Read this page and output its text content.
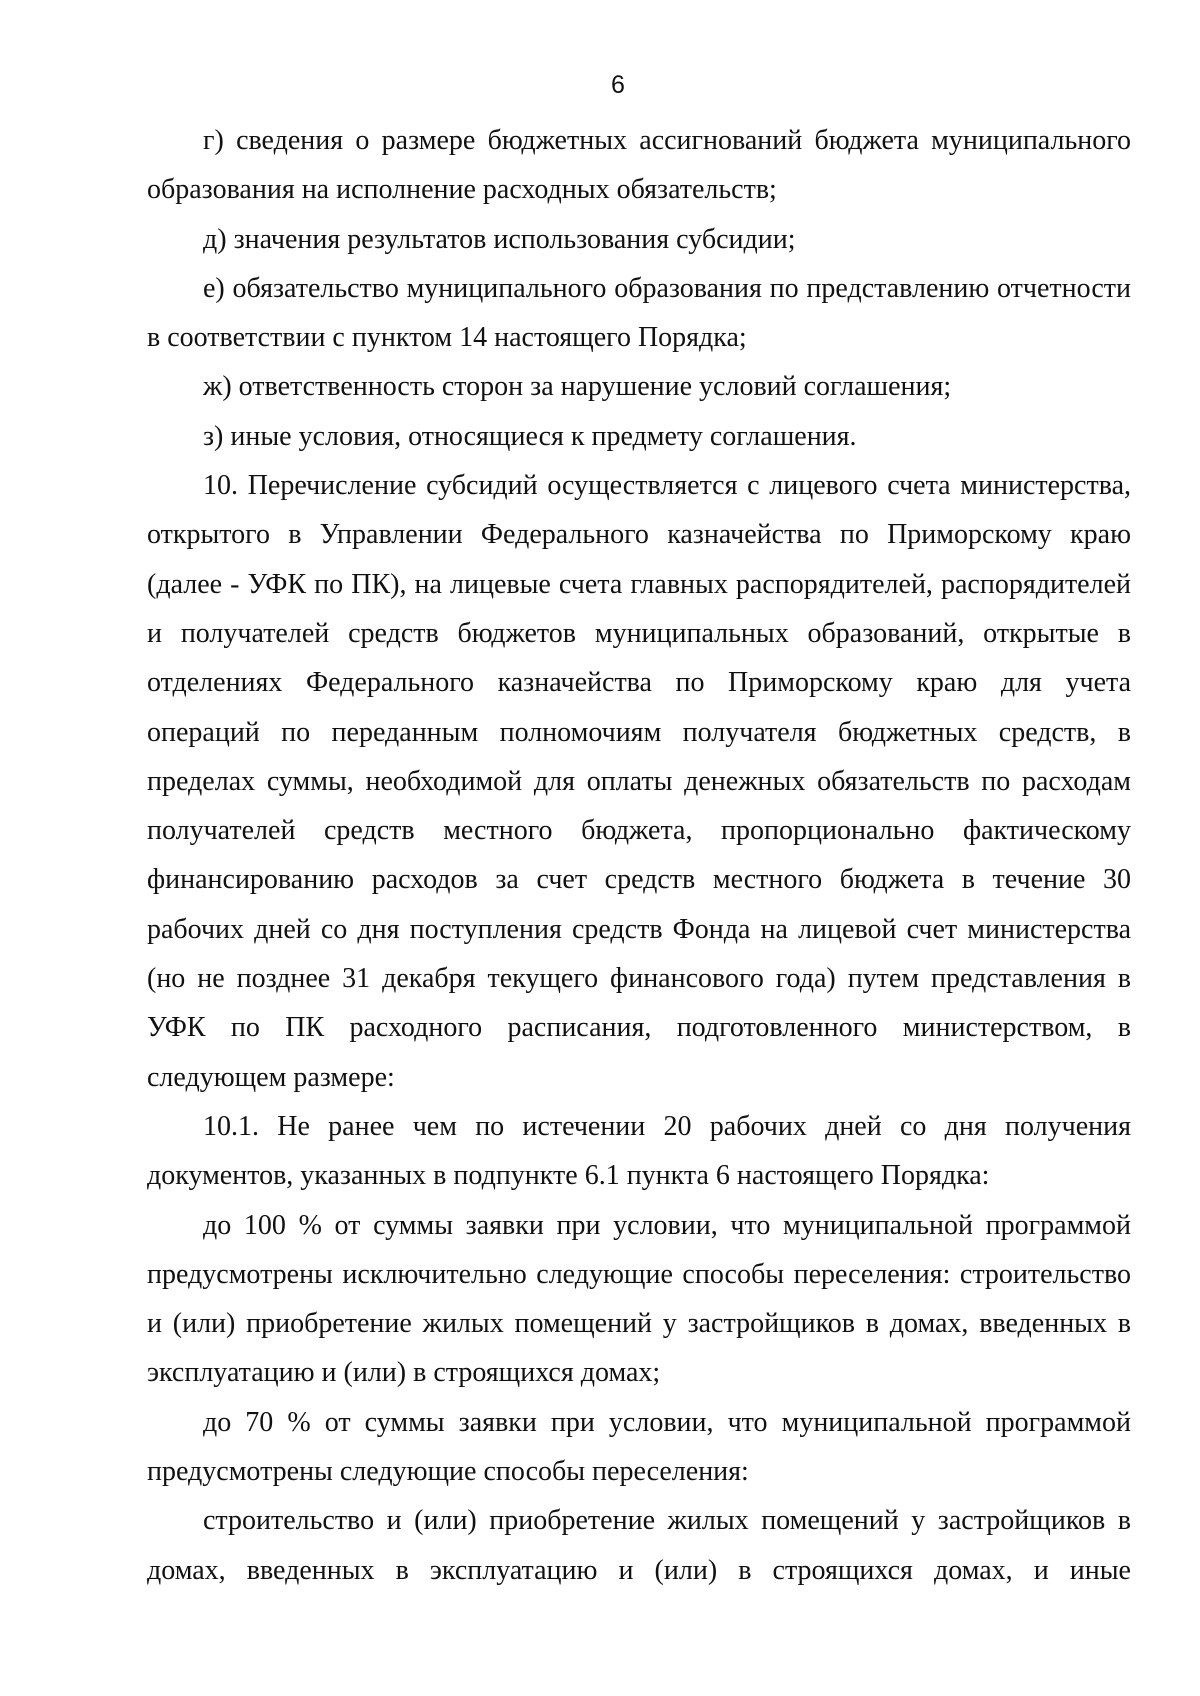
6

г) сведения о размере бюджетных ассигнований бюджета муниципального образования на исполнение расходных обязательств;

д) значения результатов использования субсидии;

е) обязательство муниципального образования по представлению отчетности в соответствии с пунктом 14 настоящего Порядка;

ж) ответственность сторон за нарушение условий соглашения;

з) иные условия, относящиеся к предмету соглашения.

10. Перечисление субсидий осуществляется с лицевого счета министерства, открытого в Управлении Федерального казначейства по Приморскому краю (далее - УФК по ПК), на лицевые счета главных распорядителей, распорядителей и получателей средств бюджетов муниципальных образований, открытые в отделениях Федерального казначейства по Приморскому краю для учета операций по переданным полномочиям получателя бюджетных средств, в пределах суммы, необходимой для оплаты денежных обязательств по расходам получателей средств местного бюджета, пропорционально фактическому финансированию расходов за счет средств местного бюджета в течение 30 рабочих дней со дня поступления средств Фонда на лицевой счет министерства (но не позднее 31 декабря текущего финансового года) путем представления в УФК по ПК расходного расписания, подготовленного министерством, в следующем размере:

10.1. Не ранее чем по истечении 20 рабочих дней со дня получения документов, указанных в подпункте 6.1 пункта 6 настоящего Порядка:

до 100 % от суммы заявки при условии, что муниципальной программой предусмотрены исключительно следующие способы переселения: строительство и (или) приобретение жилых помещений у застройщиков в домах, введенных в эксплуатацию и (или) в строящихся домах;

до 70 % от суммы заявки при условии, что муниципальной программой предусмотрены следующие способы переселения:

строительство и (или) приобретение жилых помещений у застройщиков в домах, введенных в эксплуатацию и (или) в строящихся домах, и иные
